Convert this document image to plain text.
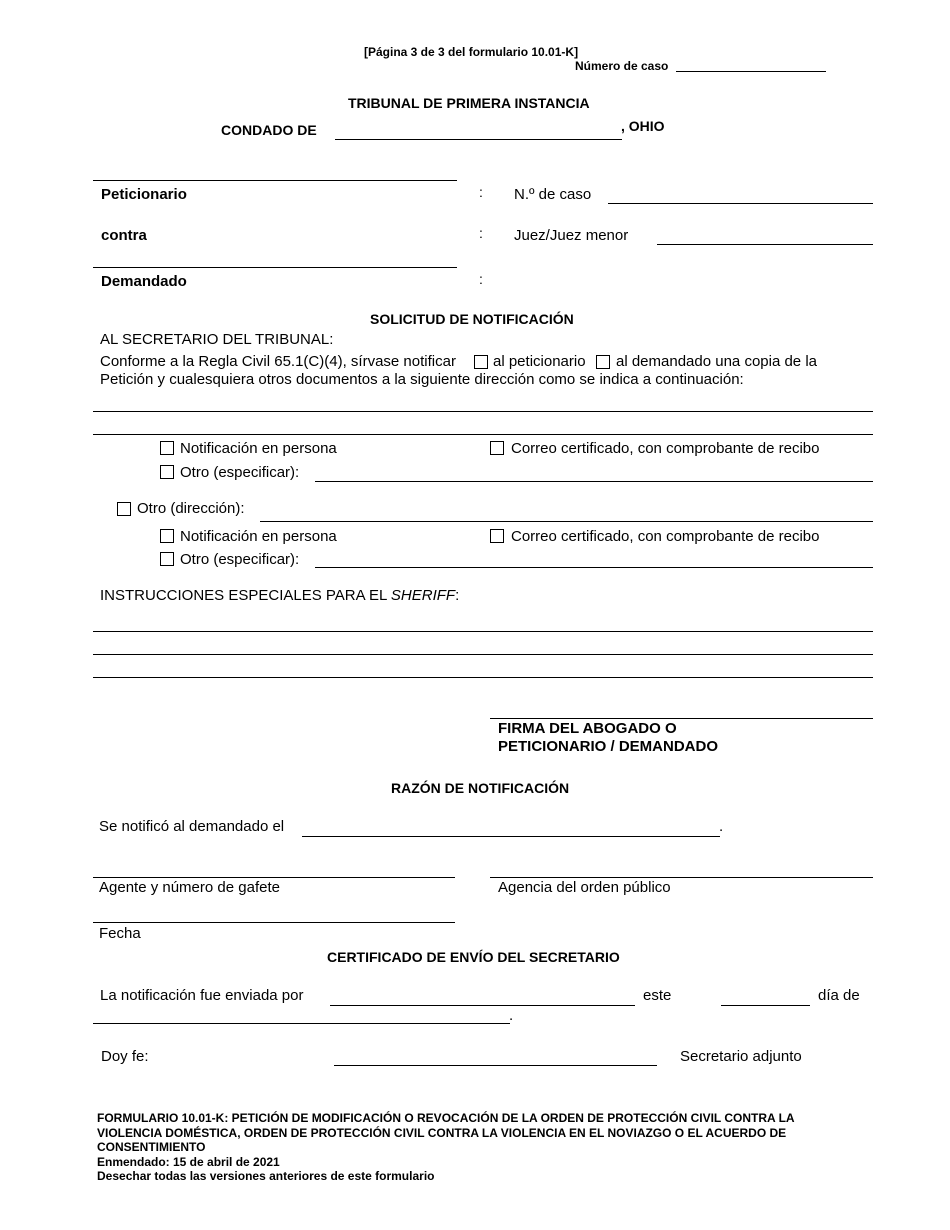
[Página 3 de 3 del formulario 10.01-K]
Número de caso
TRIBUNAL DE PRIMERA INSTANCIA
CONDADO DE	, OHIO
Peticionario	: N.º de caso
contra	: Juez/Juez menor
Demandado	:
SOLICITUD DE NOTIFICACIÓN
AL SECRETARIO DEL TRIBUNAL:
Conforme a la Regla Civil 65.1(C)(4), sírvase notificar al peticionario al demandado una copia de la
Petición y cualesquiera otros documentos a la siguiente dirección como se indica a continuación:
Notificación en persona	Correo certificado, con comprobante de recibo
Otro (especificar):
Otro (dirección):
Notificación en persona	Correo certificado, con comprobante de recibo
Otro (especificar):
INSTRUCCIONES ESPECIALES PARA EL SHERIFF:
FIRMA DEL ABOGADO O
PETICIONARIO / DEMANDADO
RAZÓN DE NOTIFICACIÓN
Se notificó al demandado el	.
Agente y número de gafete	Agencia del orden público
Fecha
CERTIFICADO DE ENVÍO DEL SECRETARIO
La notificación fue enviada por	este	día de
.
Doy fe:	Secretario adjunto
FORMULARIO 10.01-K: PETICIÓN DE MODIFICACIÓN O REVOCACIÓN DE LA ORDEN DE PROTECCIÓN CIVIL CONTRA LA VIOLENCIA DOMÉSTICA, ORDEN DE PROTECCIÓN CIVIL CONTRA LA VIOLENCIA EN EL NOVIAZGO O EL ACUERDO DE CONSENTIMIENTO
Enmendado: 15 de abril de 2021
Desechar todas las versiones anteriores de este formulario
